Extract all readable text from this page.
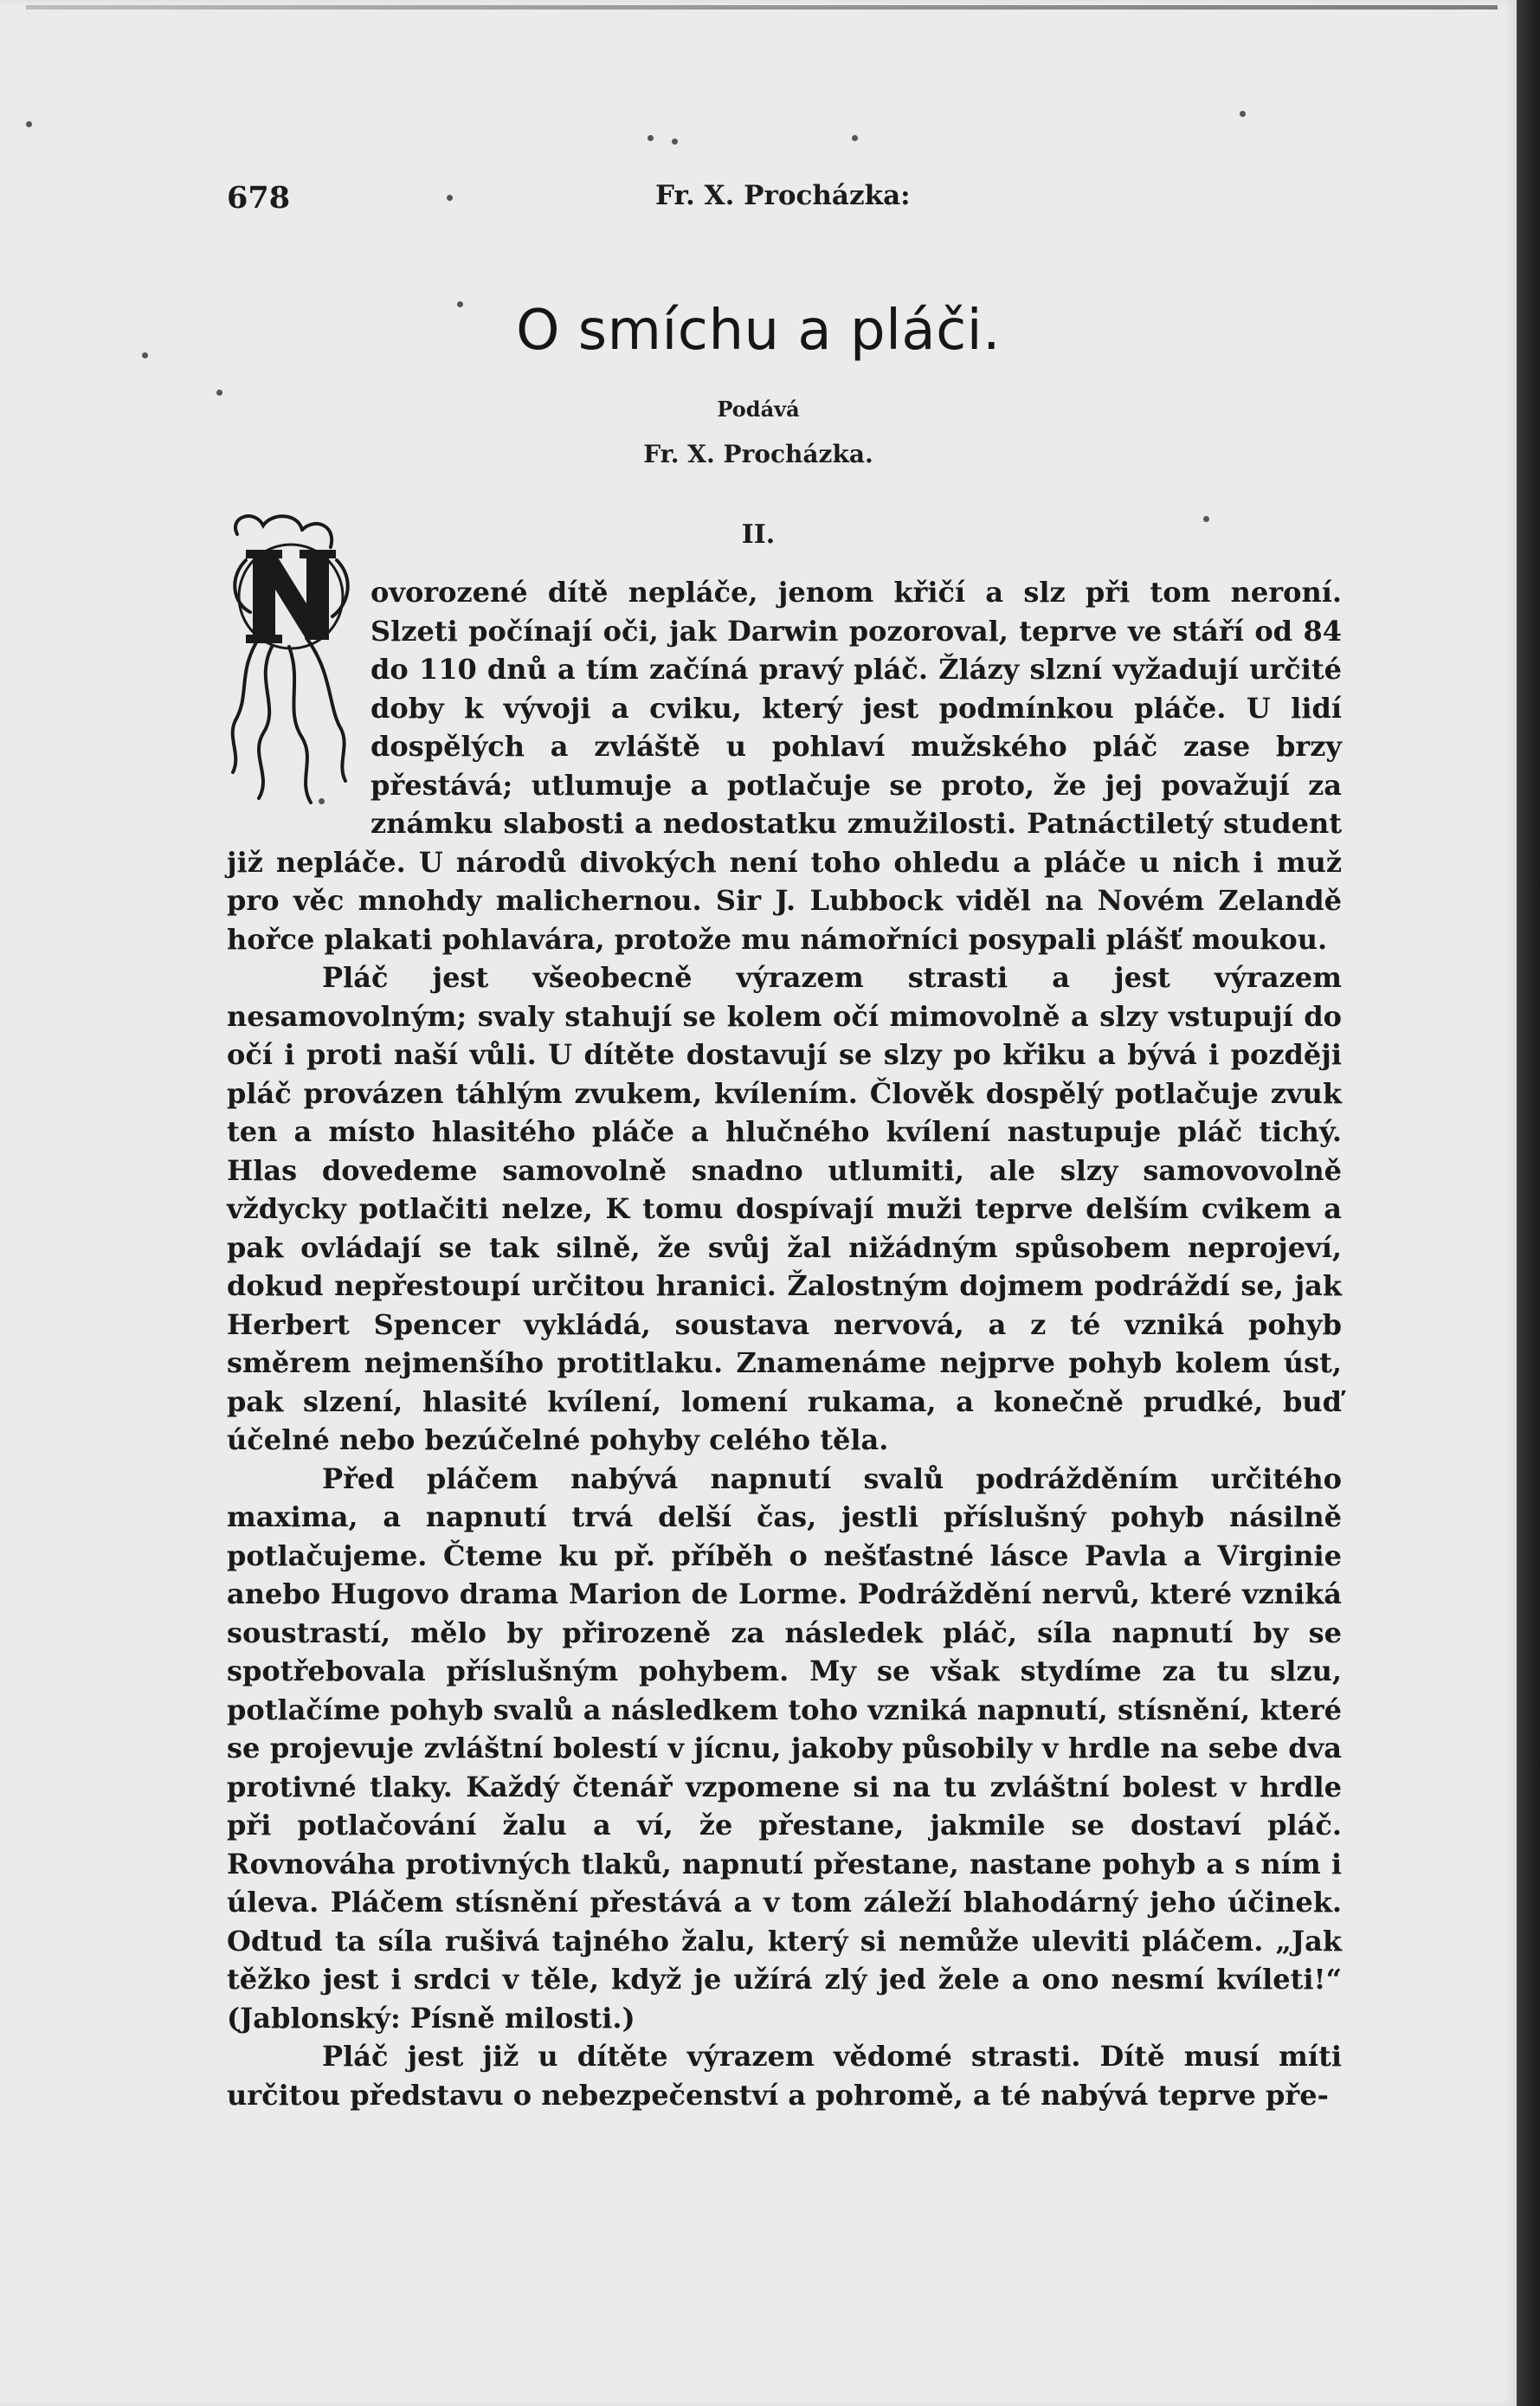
678	Fr. X. Procházka:
O smíchu a pláči.
Podává
Fr. X. Procházka.
II.

ovorozené dítě nepláče, jenom křičí a slz při tom neroní. Slzeti počínají oči, jak Darwin pozoroval, teprve ve stáří od 84 do 110 dnů a tím začíná pravý pláč. Žlázy slzní vyžadují určité doby k vývoji a cviku, který jest podmínkou pláče. U lidí dospělých a zvláště u pohlaví mužského pláč zase brzy přestává; utlumuje a potlačuje se proto, že jej považují za známku slabosti a nedostatku zmužilosti. Patnáctiletý student již nepláče. U národů divokých není toho ohledu a pláče u nich i muž pro věc mnohdy malichernou. Sir J. Lubbock viděl na Novém Zelandě hořce plakati pohlavára, protože mu námořníci posypali plášť moukou.

Pláč jest všeobecně výrazem strasti a jest výrazem nesamovolným; svaly stahují se kolem očí mimovolně a slzy vstupují do očí i proti naší vůli. U dítěte dostavují se slzy po křiku a bývá i později pláč provázen táhlým zvukem, kvílením. Člověk dospělý potlačuje zvuk ten a místo hlasitého pláče a hlučného kvílení nastupuje pláč tichý. Hlas dovedeme samovolně snadno utlumiti, ale slzy samovovolně vždycky potlačiti nelze, K tomu dospívají muži teprve delším cvikem a pak ovládají se tak silně, že svůj žal nižádným spůsobem neprojeví, dokud nepřestoupí určitou hranici. Žalostným dojmem podráždí se, jak Herbert Spencer vykládá, soustava nervová, a z té vzniká pohyb směrem nejmenšího protitlaku. Znamenáme nejprve pohyb kolem úst, pak slzení, hlasité kvílení, lomení rukama, a konečně prudké, buď účelné nebo bezúčelné pohyby celého těla.

Před pláčem nabývá napnutí svalů podrážděním určitého maxima, a napnutí trvá delší čas, jestli příslušný pohyb násilně potlačujeme. Čteme ku př. příběh o nešťastné lásce Pavla a Virginie anebo Hugovo drama Marion de Lorme. Podráždění nervů, které vzniká soustrastí, mělo by přirozeně za následek pláč, síla napnutí by se spotřebovala příslušným pohybem. My se však stydíme za tu slzu, potlačíme pohyb svalů a následkem toho vzniká napnutí, stísnění, které se projevuje zvláštní bolestí v jícnu, jakoby působily v hrdle na sebe dva protivné tlaky. Každý čtenář vzpomene si na tu zvláštní bolest v hrdle při potlačování žalu a ví, že přestane, jakmile se dostaví pláč. Rovnováha protivných tlaků, napnutí přestane, nastane pohyb a s ním i úleva. Pláčem stísnění přestává a v tom záleží blahodárný jeho účinek. Odtud ta síla rušivá tajného žalu, který si nemůže uleviti pláčem. „Jak těžko jest i srdci v těle, když je užírá zlý jed žele a ono nesmí kvíleti!“ (Jablonský: Písně milosti.)

Pláč jest již u dítěte výrazem vědomé strasti. Dítě musí míti určitou představu o nebezpečenství a pohromě, a té nabývá teprve pře-
